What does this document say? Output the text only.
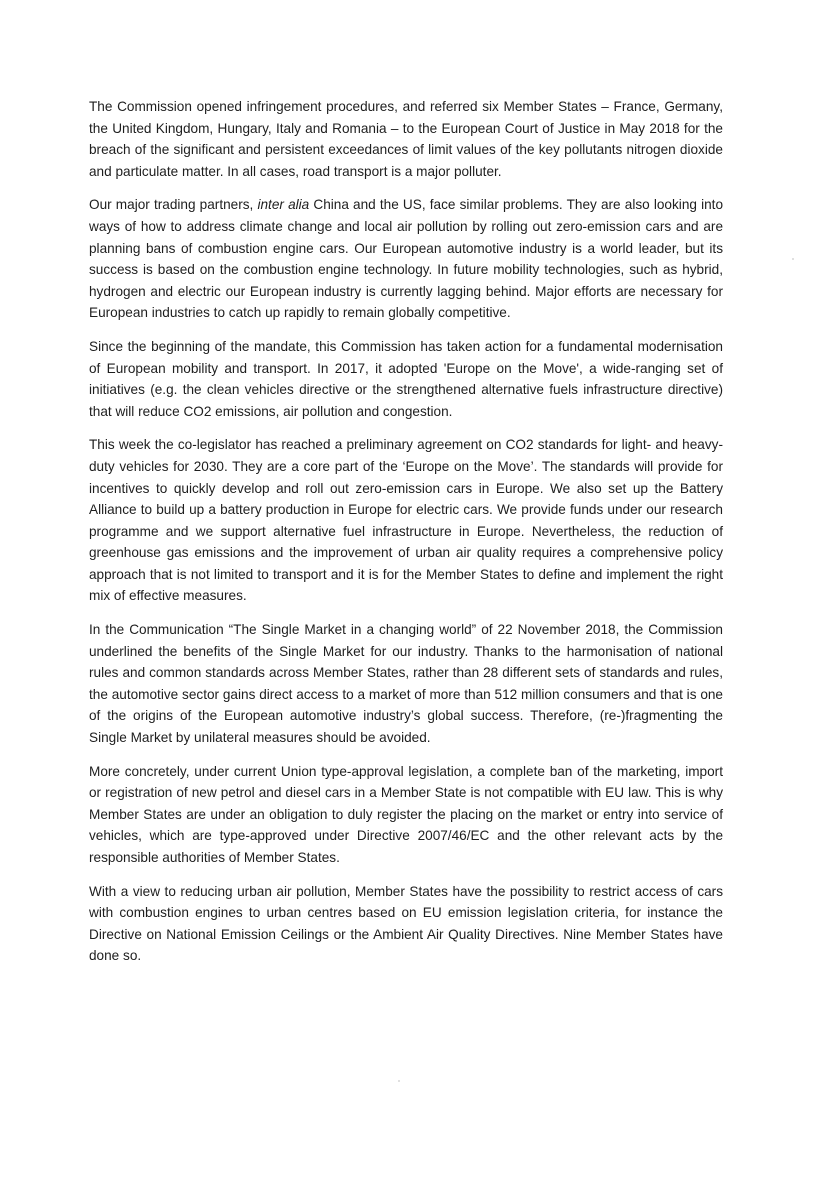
The Commission opened infringement procedures, and referred six Member States – France, Germany, the United Kingdom, Hungary, Italy and Romania – to the European Court of Justice in May 2018 for the breach of the significant and persistent exceedances of limit values of the key pollutants nitrogen dioxide and particulate matter. In all cases, road transport is a major polluter.

Our major trading partners, inter alia China and the US, face similar problems. They are also looking into ways of how to address climate change and local air pollution by rolling out zero-emission cars and are planning bans of combustion engine cars. Our European automotive industry is a world leader, but its success is based on the combustion engine technology. In future mobility technologies, such as hybrid, hydrogen and electric our European industry is currently lagging behind. Major efforts are necessary for European industries to catch up rapidly to remain globally competitive.

Since the beginning of the mandate, this Commission has taken action for a fundamental modernisation of European mobility and transport. In 2017, it adopted 'Europe on the Move', a wide-ranging set of initiatives (e.g. the clean vehicles directive or the strengthened alternative fuels infrastructure directive) that will reduce CO2 emissions, air pollution and congestion.

This week the co-legislator has reached a preliminary agreement on CO2 standards for light- and heavy-duty vehicles for 2030. They are a core part of the ‘Europe on the Move’. The standards will provide for incentives to quickly develop and roll out zero-emission cars in Europe. We also set up the Battery Alliance to build up a battery production in Europe for electric cars. We provide funds under our research programme and we support alternative fuel infrastructure in Europe. Nevertheless, the reduction of greenhouse gas emissions and the improvement of urban air quality requires a comprehensive policy approach that is not limited to transport and it is for the Member States to define and implement the right mix of effective measures.

In the Communication “The Single Market in a changing world” of 22 November 2018, the Commission underlined the benefits of the Single Market for our industry. Thanks to the harmonisation of national rules and common standards across Member States, rather than 28 different sets of standards and rules, the automotive sector gains direct access to a market of more than 512 million consumers and that is one of the origins of the European automotive industry’s global success. Therefore, (re-)fragmenting the Single Market by unilateral measures should be avoided.

More concretely, under current Union type-approval legislation, a complete ban of the marketing, import or registration of new petrol and diesel cars in a Member State is not compatible with EU law. This is why Member States are under an obligation to duly register the placing on the market or entry into service of vehicles, which are type-approved under Directive 2007/46/EC and the other relevant acts by the responsible authorities of Member States.

With a view to reducing urban air pollution, Member States have the possibility to restrict access of cars with combustion engines to urban centres based on EU emission legislation criteria, for instance the Directive on National Emission Ceilings or the Ambient Air Quality Directives. Nine Member States have done so.
